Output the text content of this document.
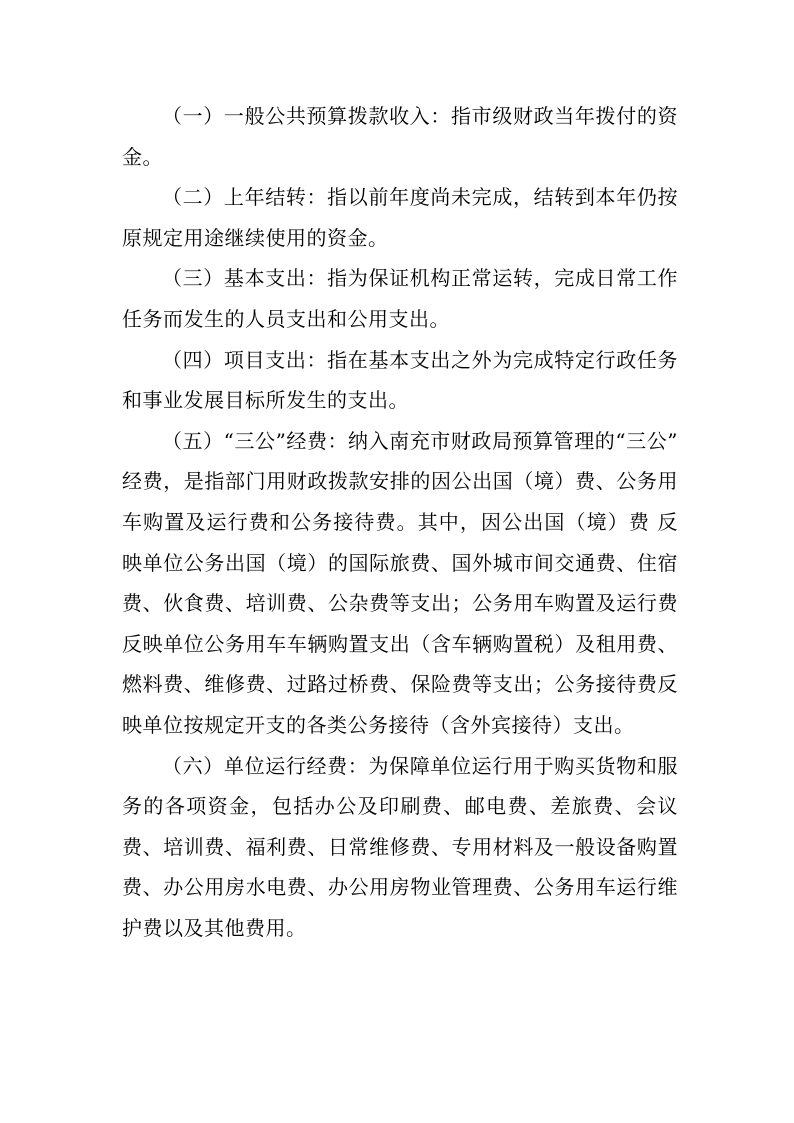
（一）一般公共预算拨款收入：指市级财政当年拨付的资金。

（二）上年结转：指以前年度尚未完成，结转到本年仍按原规定用途继续使用的资金。

（三）基本支出：指为保证机构正常运转，完成日常工作任务而发生的人员支出和公用支出。

（四）项目支出：指在基本支出之外为完成特定行政任务和事业发展目标所发生的支出。

（五）“三公”经费：纳入南充市财政局预算管理的“三公” 经费，是指部门用财政拨款安排的因公出国（境）费、公务用车购置及运行费和公务接待费。其中，因公出国（境）费 反映单位公务出国（境）的国际旅费、国外城市间交通费、住宿费、伙食费、培训费、公杂费等支出；公务用车购置及运行费反映单位公务用车车辆购置支出（含车辆购置税）及租用费、燃料费、维修费、过路过桥费、保险费等支出；公务接待费反映单位按规定开支的各类公务接待（含外宾接待）支出。

（六）单位运行经费：为保障单位运行用于购买货物和服务的各项资金，包括办公及印刷费、邮电费、差旅费、会议费、培训费、福利费、日常维修费、专用材料及一般设备购置费、办公用房水电费、办公用房物业管理费、公务用车运行维护费以及其他费用。
